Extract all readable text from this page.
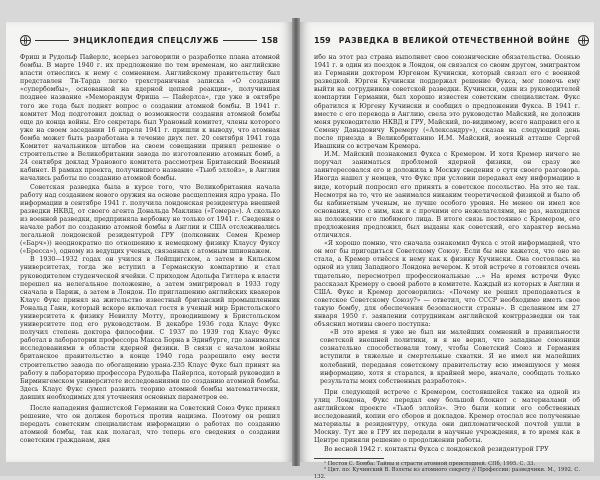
ЭНЦИКЛОПЕДИЯ СПЕЦСЛУЖБ	158

Фриш и Рудольф Пайерлс, всерьез заговорили о разработке плана атомной бомбы. В марте 1940 г. их предложение по тем временам, но английские власти отнеслись к нему с сомнением. Английскому правительству был представлен Ти-Тарда легко трехстраничная записка «О создании «супербомбы», основанной на ядерной цепной реакции», получившая позднее название «Меморандум Фриша — Пайерлса», где уже в октябре того же года был поднят вопрос о создании атомной бомбы. В 1941 г. комитет Мод подготовил доклад о возможности создания атомной бомбы еще до конца войны. Его секретарь был Урановый комитет, члены которого уже на своем заседании 16 апреля 1941 г. пришли к выводу, что атомная бомба может быть разработана в течение двух лет. 20 сентября 1941 года Комитет начальников штабов на своем совещании принял решение о строительстве в Великобритании завода по изготовлению атомных бомб, а 24 сентября доклад Уранового комитета рассмотрен Британский Военный кабинет. В рамках проекта, получившего название «Тьюб эллойз», в Англии начались работы по созданию атомной бомбы.

Советская разведка была в курсе того, что Великобритания начала работу над созданием нового оружия на основе расщепления ядра урана. По информации в сентябре 1941 г. получила лондонская резидентура внешней разведки НКВД, от своего агента Дональда Маклина («Гомера»). А сколько из военной разведки, предприняла вербовку не только от 1941 г. Сведения о начале работ по созданию атомной бомбы в Англии и США отслеживались легальной лондонской резидентурой ГРУ (полковник Семен Кремер («Барч»)) неоднократно по отношению к немецкому физику Клаусу Фуксу («Бресса»), одному из ведущих ученых, связанных с атомным шпионажем.

В 1930—1932 годах он учился в Лейпцигском, а затем в Кильском университетах, тогда же вступил в Германскую компартию и стал руководителем студенческой ячейки. С приходом Адольфа Гитлера к власти перешел на нелегальное положение, а затем эмигрировал в 1933 году сначала в Париж, а затем в Лондон. По приглашению английских квакеров Клаус Фукс принял на жительство известный британский промышленник Рональд Ганн, который вскоре включал гостя в ученый мир Бристольского университета к физику Невиллу Мотту, проводившему в Бристольском университете под его руководством. В декабре 1936 года Клаус Фукс получил степень доктора философии. С 1937 по 1939 год Клаус Фукс работал в лаборатории профессора Макса Борна в Эдинбурге, где занимался исследованиями в области ядерной физики. В связи с началом войны британское правительство в конце 1940 года разрешило ему вести строительство завода по обогащению урана-235 Клаус Фукс был принят на работу в лабораторию профессора Рудольфа Пайерлса, который руководил в Бирмингемском университете исследованиями по созданию атомной бомбы. Здесь Клаус Фукс сумел развить теорию атомной бомбы математически, давших необходимых для уточнения основных параметров ее.

После нападения фашистской Германии на Советский Союз Фукс принял решение, что он должен бороться против нацизма. Поэтому он решил передать советским специалистам информацию о работах по созданию атомной бомбы, так как полагал, что теперь его сведения о создании советским гражданам, дня

159 РАЗВЕДКА В ВЕЛИКОЙ ОТЕЧЕСТВЕННОЙ ВОЙНЕ

ибо на этот раз страна выполняет свое союзнические обязательства. Осенью 1941 г. в один из поездок в Лондон, он связался со своим другом, эмигрантом из Германии доктором Юргеном Кучински, который связал его с военной разведкой. Юрген Кучински поддержал решение Фукса, мог помочь ему выйти на сотрудников советской разведки. Кучински, один из руководителей компартии Германии, был хорошо известен советским специалистам. Фукс обратился к Юргену Кучински и сообщил о предложении Фукса. В 1941 г. вместе с его перевода в Англию, свела это руководство Майский, не доложив меня руководителю НКВД и ГРУ, Майский, по-видимому, всего направил его к Семену Давыдовичу Кремеру («Александру»), сказав на следующий день после приезда в Великобританию И.М. Майский, военный атташе Сергей Ивашкин со встречам Кремера.

И.М. Майский познакомил Фукса с Кремером. И хотя Кремер ничего не поручал заниматься проблемой ядерной физики, он сразу же заинтересовался его и доложила в Москву сведения о сути своего разговора. Иногда нашел у немцев, что Фукс при условии передавал ему информацию в виде, который попросил его принять в советское посольство. На это не так. Несмотря на то, что не занимался никаким теоретической физикой и было об бы кабинетным ученым, не лучше особого уровня. Не менее он имел все основания, что с ним, как и с прочими его нежелателями, не раз, находился на положении его любимого лица. В итоге связь постоянно с Кремером, его предложения предложил, был выданы как советский, его характер весьма отличился.

«Я хорошо помню, что сначала ознакомил Фукса с этой информацией, что он мог бы пригодиться Советскому Союзу. Если бы мне кажется, что оно не стала, а Кремер отнёсся к нему как к физику Кучински. Она состоялась на одной из улиц Западного Лондона вечером. К этой встрече я готовился очень тщательно, пересмотрел профессиональные ...» На время встречи Фукс рассказал Кремеру о своей работе в комитете. Каждый из которых в Англии и США. Фукс и Кремер договорились: «Почему не решил преподаваться в советское Советскому Союзу?» — ответил, что СССР необходимо иметь свое такую бомбу, для обеспечения безопасности страны». В сделанном им 27 января 1950 г. заявлении сотрудникам английской контрразведки он так объяснил мотивы своего поступка:

«В это время я уже не был ни малейших сомнений в правильности советской внешней политики, и я не верил, что западные союзники сознательно способствовали тому, чтобы Советский Союз и Германия вступили в тяжелые и смертельные схватки. Я не имел ни малейших колебаний, передавая советскому правительству всю имевшуюся у меня информацию, хотя я старался, в крайней мере, вначале, сообщать только результаты моих собственных разработок».

При следующей встрече с Кремером, состоявшейся также на одной из улиц Лондона, Фукс передал ему большой блокнот с материалами об английском проекте «Тьюб эллойз». Это были копии его собственных исследований, копии его сборов и докладов. Кремер отослал все полученные материалы в резидентуру, откуда они дипломатической почтой ушли в Москву. Тут же в ГРУ их передали в научные учреждения, в то время как в Центре приняли решение о продолжении работы.

Во весной 1942 г. контакты Фукса с лондонской резидентурой ГРУ

¹ Пестов С. Бомба: Тайны и страсти атомной преисподней. СПб, 1995. С. 33.

² Цит. по: Кучинский В. Взлеты из атомного секрету // Профессии: разведчики. М., 1992. С. 132.
